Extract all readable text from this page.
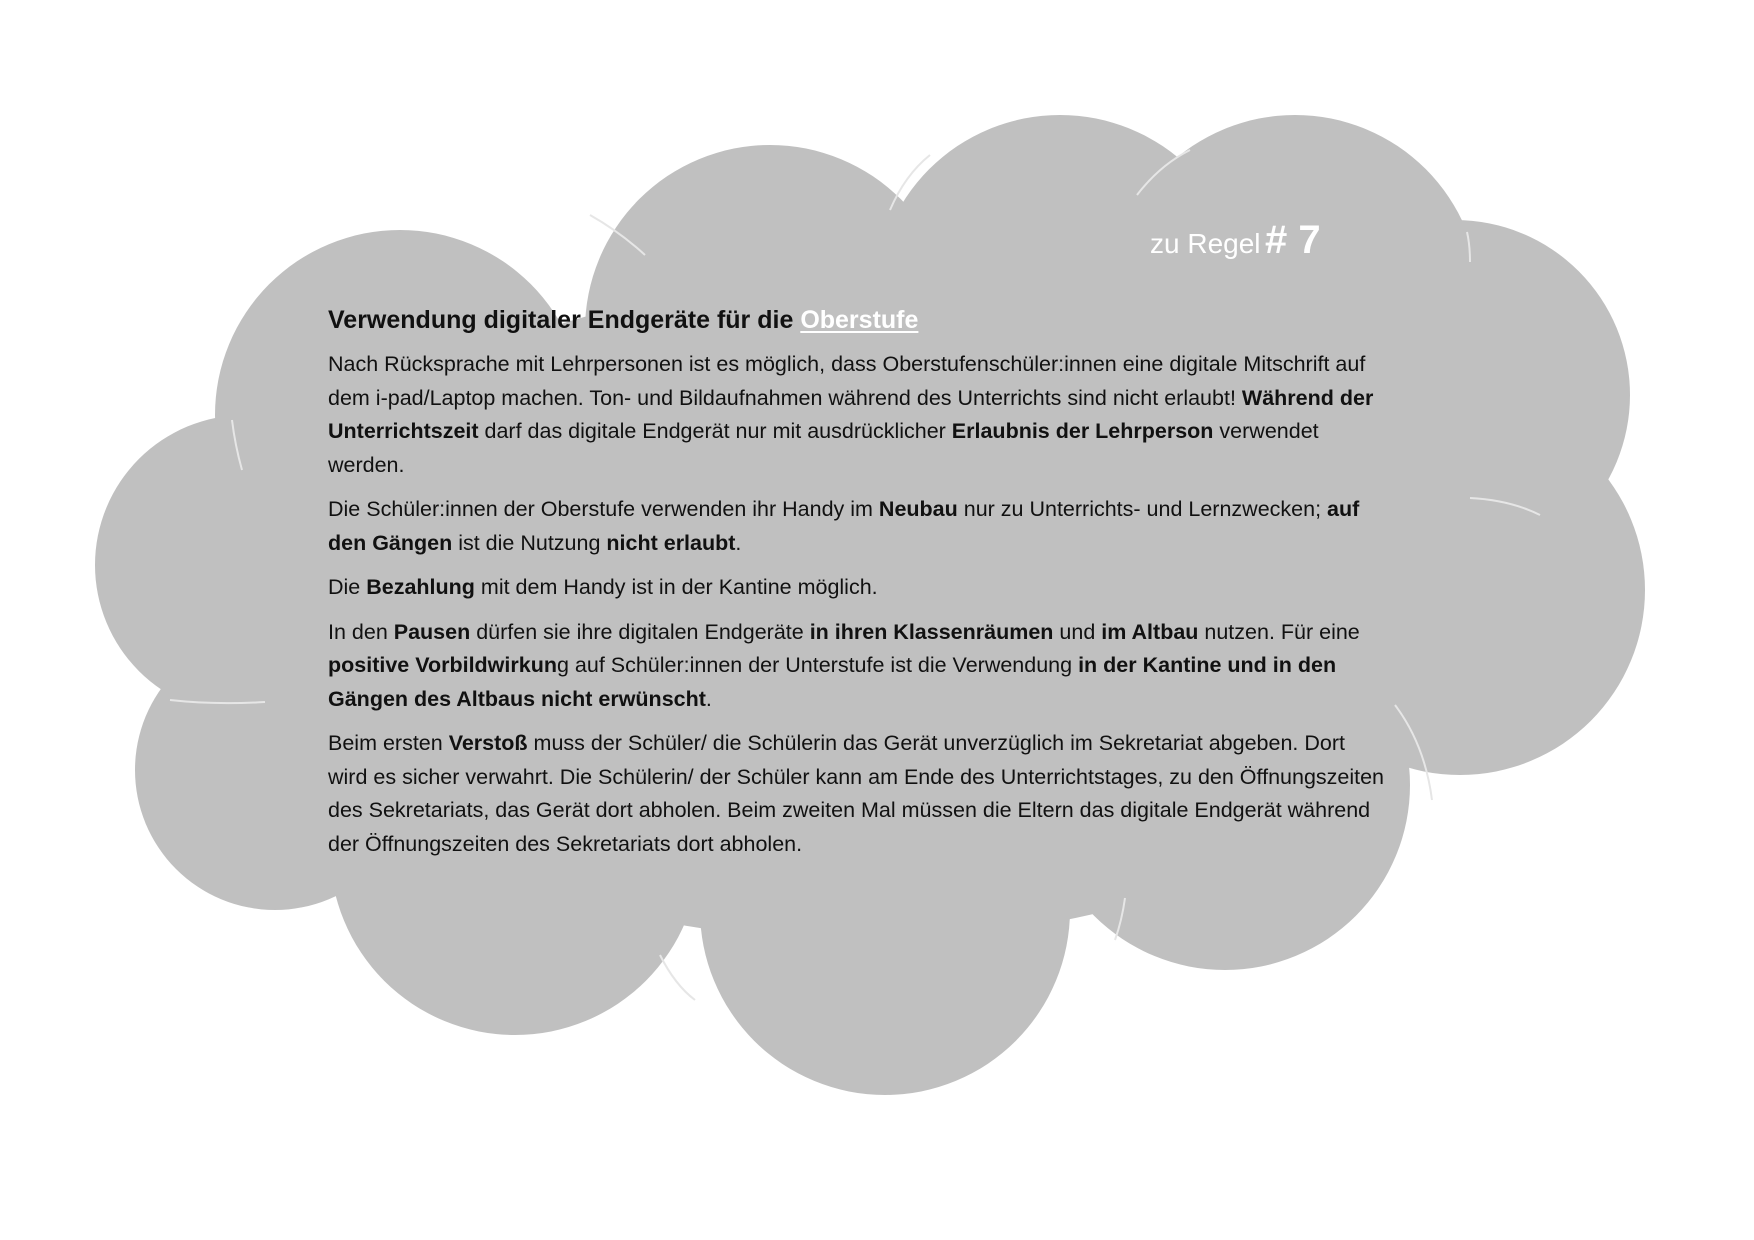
zu Regel # 7
Verwendung digitaler Endgeräte für die Oberstufe

Nach Rücksprache mit Lehrpersonen ist es möglich, dass Oberstufenschüler:innen eine digitale Mitschrift auf dem i-pad/Laptop machen. Ton- und Bildaufnahmen während des Unterrichts sind nicht erlaubt! Während der Unterrichtszeit darf das digitale Endgerät nur mit ausdrücklicher Erlaubnis der Lehrperson verwendet werden.

Die Schüler:innen der Oberstufe verwenden ihr Handy im Neubau nur zu Unterrichts- und Lernzwecken; auf den Gängen ist die Nutzung nicht erlaubt.

Die Bezahlung mit dem Handy ist in der Kantine möglich.

In den Pausen dürfen sie ihre digitalen Endgeräte in ihren Klassenräumen und im Altbau nutzen. Für eine positive Vorbildwirkung auf Schüler:innen der Unterstufe ist die Verwendung in der Kantine und in den Gängen des Altbaus nicht erwünscht.

Beim ersten Verstoß muss der Schüler/ die Schülerin das Gerät unverzüglich im Sekretariat abgeben. Dort wird es sicher verwahrt. Die Schülerin/ der Schüler kann am Ende des Unterrichtstages, zu den Öffnungszeiten des Sekretariats, das Gerät dort abholen. Beim zweiten Mal müssen die Eltern das digitale Endgerät während der Öffnungszeiten des Sekretariats dort abholen.
